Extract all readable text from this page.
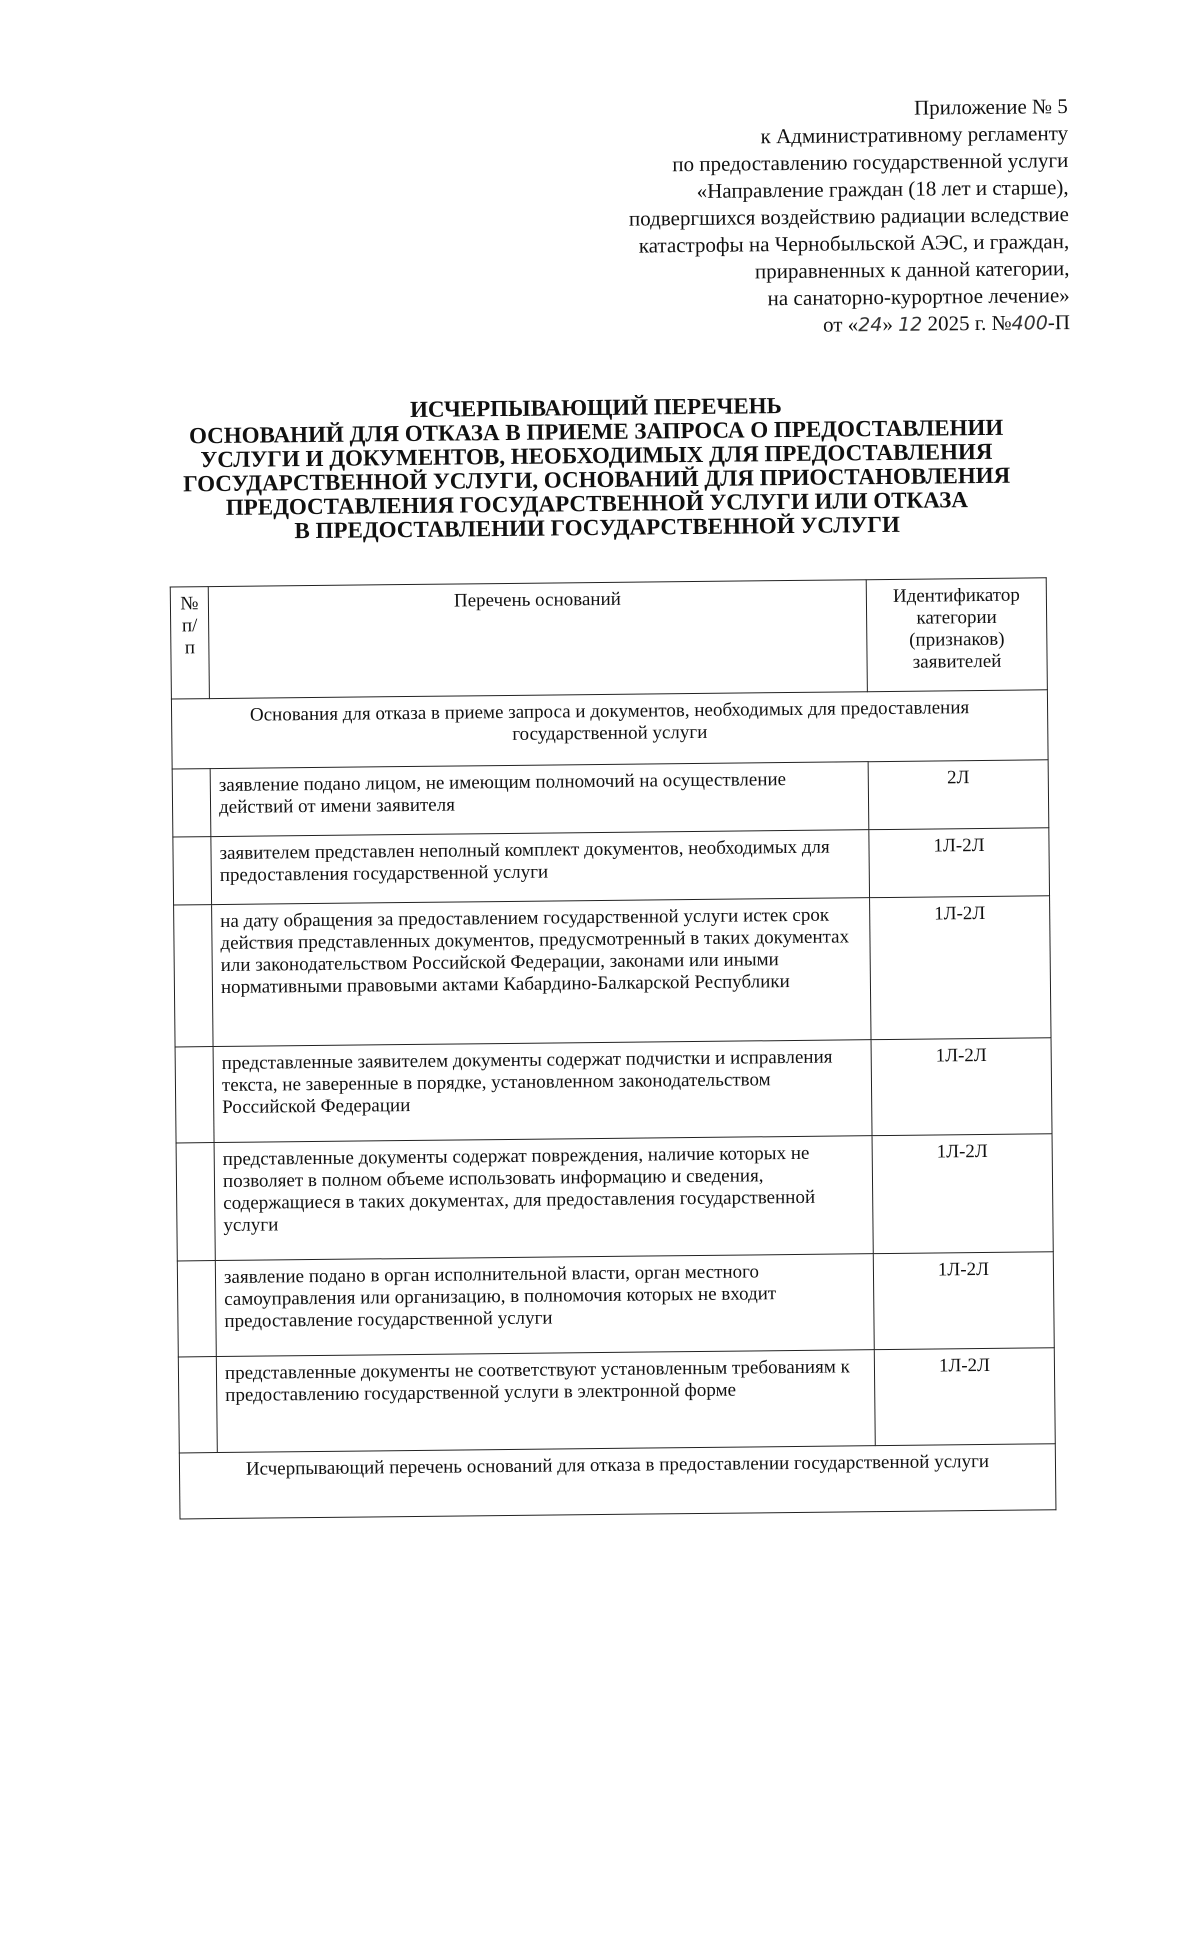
Приложение № 5
к Административному регламенту
по предоставлению государственной услуги
«Направление граждан (18 лет и старше),
подвергшихся воздействию радиации вследствие
катастрофы на Чернобыльской АЭС, и граждан,
приравненных к данной категории,
на санаторно-курортное лечение»
от «24» 12 2025 г. №400-П
ИСЧЕРПЫВАЮЩИЙ ПЕРЕЧЕНЬ
ОСНОВАНИЙ ДЛЯ ОТКАЗА В ПРИЕМЕ ЗАПРОСА О ПРЕДОСТАВЛЕНИИ
УСЛУГИ И ДОКУМЕНТОВ, НЕОБХОДИМЫХ ДЛЯ ПРЕДОСТАВЛЕНИЯ
ГОСУДАРСТВЕННОЙ УСЛУГИ, ОСНОВАНИЙ ДЛЯ ПРИОСТАНОВЛЕНИЯ
ПРЕДОСТАВЛЕНИЯ ГОСУДАРСТВЕННОЙ УСЛУГИ ИЛИ ОТКАЗА
В ПРЕДОСТАВЛЕНИИ ГОСУДАРСТВЕННОЙ УСЛУГИ
№ п/п	Перечень оснований	Идентификатор категории (признаков) заявителей
Основания для отказа в приеме запроса и документов, необходимых для предоставления государственной услуги		
	заявление подано лицом, не имеющим полномочий на осуществление действий от имени заявителя	2Л
	заявителем представлен неполный комплект документов, необходимых для предоставления государственной услуги	1Л-2Л
	на дату обращения за предоставлением государственной услуги истек срок действия представленных документов, предусмотренный в таких документах или законодательством Российской Федерации, законами или иными нормативными правовыми актами Кабардино-Балкарской Республики	1Л-2Л
	представленные заявителем документы содержат подчистки и исправления текста, не заверенные в порядке, установленном законодательством Российской Федерации	1Л-2Л
	представленные документы содержат повреждения, наличие которых не позволяет в полном объеме использовать информацию и сведения, содержащиеся в таких документах, для предоставления государственной услуги	1Л-2Л
	заявление подано в орган исполнительной власти, орган местного самоуправления или организацию, в полномочия которых не входит предоставление государственной услуги	1Л-2Л
	представленные документы не соответствуют установленным требованиям к предоставлению государственной услуги в электронной форме	1Л-2Л
Исчерпывающий перечень оснований для отказа в предоставлении государственной услуги		
